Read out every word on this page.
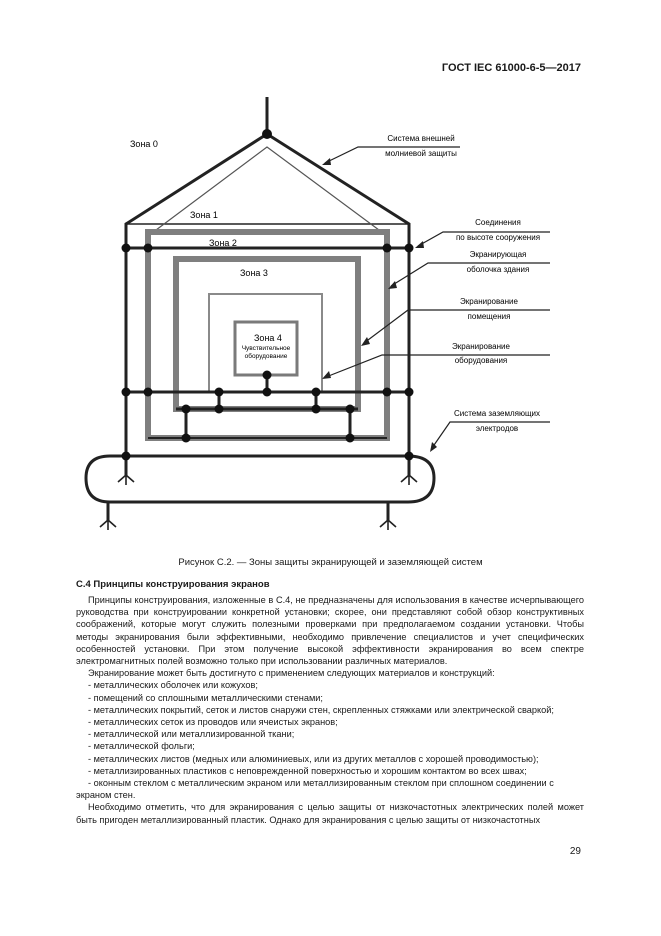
ГОСТ IEC 61000-6-5—2017
Зона 0
Зона 1
Зона 2
Зона 3
Зона 4
Чувствительное
оборудование
Система внешней
молниевой защиты
Соединения
по высоте сооружения
Экранирующая
оболочка здания
Экранирование
помещения
Экранирование
оборудования
Система заземляющих
электродов
Рисунок С.2. — Зоны защиты экранирующей и заземляющей систем
С.4 Принципы конструирования экранов

Принципы конструирования, изложенные в С.4, не предназначены для использования в качестве исчерпывающего руководства при конструировании конкретной установки; скорее, они представляют собой обзор конструктивных соображений, которые могут служить полезными проверками при предполагаемом создании установки. Чтобы методы экранирования были эффективными, необходимо привлечение специалистов и учет специфических особенностей установки. При этом получение высокой эффективности экранирования во всем спектре электромагнитных полей возможно только при использовании различных материалов.

Экранирование может быть достигнуто с применением следующих материалов и конструкций:

- металлических оболочек или кожухов;
- помещений со сплошными металлическими стенами;
- металлических покрытий, сеток и листов снаружи стен, скрепленных стяжками или электрической сваркой;
- металлических сеток из проводов или ячеистых экранов;
- металлической или металлизированной ткани;
- металлической фольги;
- металлических листов (медных или алюминиевых, или из других металлов с хорошей проводимостью);
- металлизированных пластиков с неповрежденной поверхностью и хорошим контактом во всех швах;
- оконным стеклом с металлическим экраном или металлизированным стеклом при сплошном соединении с экраном стен.

Необходимо отметить, что для экранирования с целью защиты от низкочастотных электрических полей может быть пригоден металлизированный пластик. Однако для экранирования с целью защиты от низкочастотных

29
